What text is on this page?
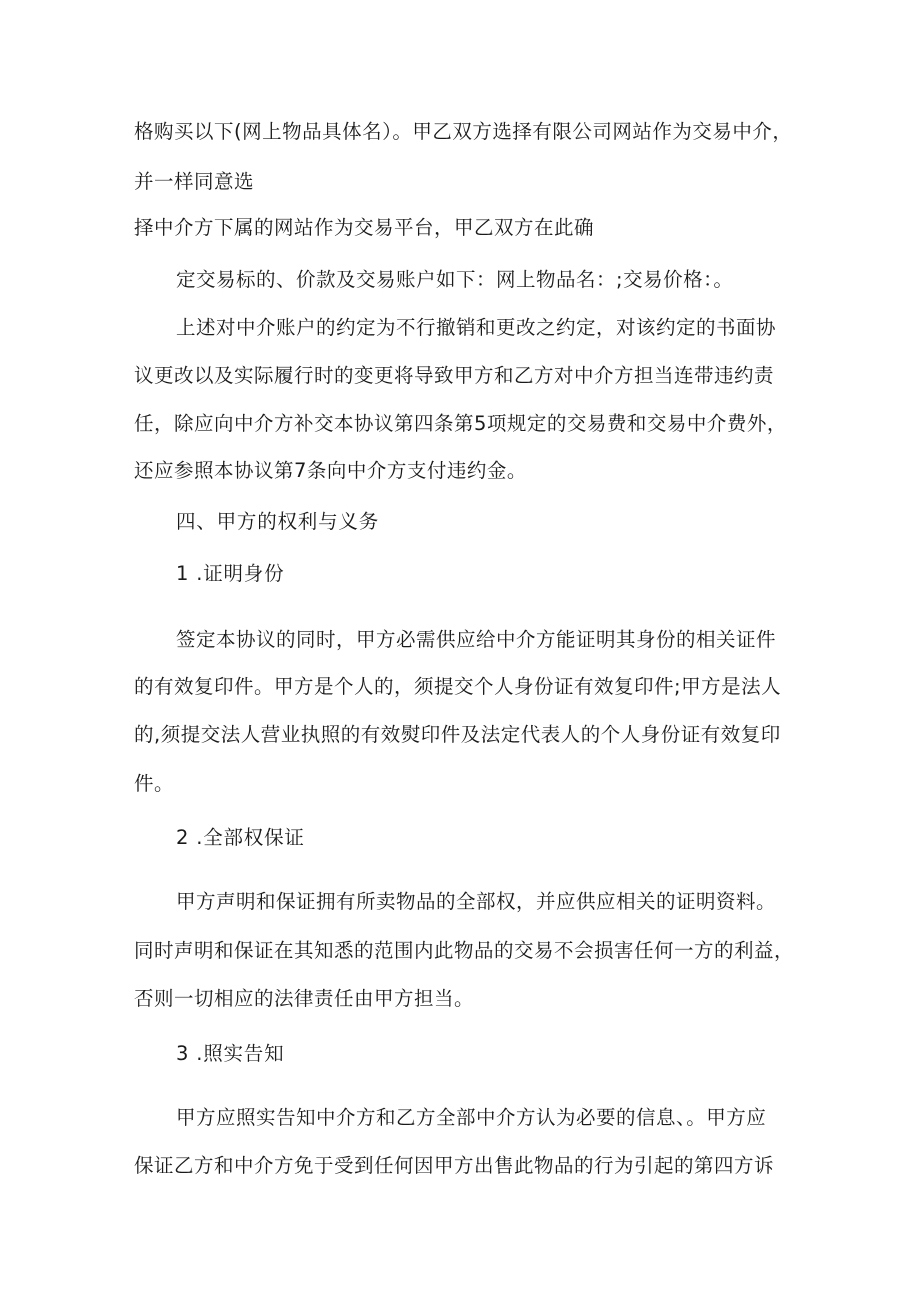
格购买以下(网上物品具体名）。甲乙双方选择有限公司网站作为交易中介，
并一样同意选
择中介方下属的网站作为交易平台，甲乙双方在此确
定交易标的、价款及交易账户如下：网上物品名：;交易价格：。
上述对中介账户的约定为不行撤销和更改之约定，对该约定的书面协
议更改以及实际履行时的变更将导致甲方和乙方对中介方担当连带违约责
任，除应向中介方补交本协议第四条第5项规定的交易费和交易中介费外，
还应参照本协议第7条向中介方支付违约金。
四、甲方的权利与义务
1 .证明身份
签定本协议的同时，甲方必需供应给中介方能证明其身份的相关证件
的有效复印件。甲方是个人的，须提交个人身份证有效复印件;甲方是法人
的,须提交法人营业执照的有效熨印件及法定代表人的个人身份证有效复印
件。
2 .全部权保证
甲方声明和保证拥有所卖物品的全部权，并应供应相关的证明资料。
同时声明和保证在其知悉的范围内此物品的交易不会损害任何一方的利益，
否则一切相应的法律责任由甲方担当。
3 .照实告知
甲方应照实告知中介方和乙方全部中介方认为必要的信息、。甲方应
保证乙方和中介方免于受到任何因甲方出售此物品的行为引起的第四方诉
